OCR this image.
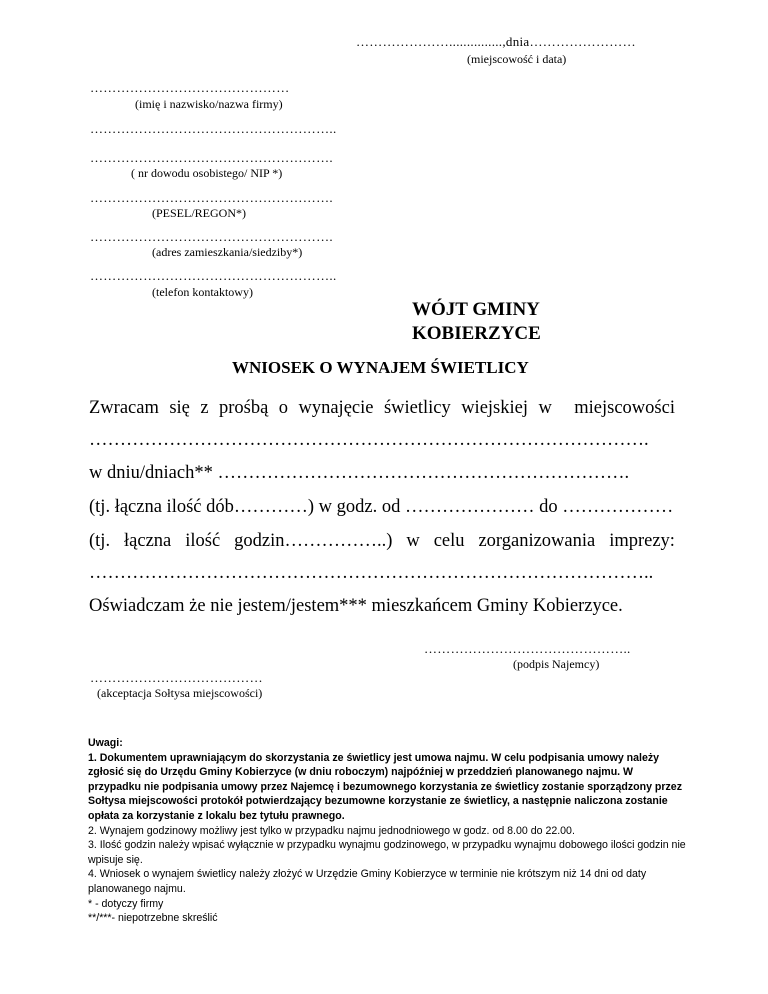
…………………...............,dnia……………………
(miejscowość i data)
………………………………………
(imię i nazwisko/nazwa firmy)
………………………………………………..
……………………………………………….
( nr dowodu osobistego/ NIP *)
……………………………………………….
(PESEL/REGON*)
……………………………………………….
(adres zamieszkania/siedziby*)
………………………………………………..
(telefon kontaktowy)
WÓJT GMINY
KOBIERZYCE
WNIOSEK O WYNAJEM ŚWIETLICY
Zwracam się z prośbą o wynajęcie świetlicy wiejskiej w miejscowości
……………………………………………………………………………….
w dniu/dniach** ………………………………………………………….
(tj. łączna ilość dób…………) w godz. od ………………… do ………………
(tj. łączna ilość godzin……………..) w celu zorganizowania imprezy:
………………………………………………………………………………..
Oświadczam że nie jestem/jestem*** mieszkańcem Gminy Kobierzyce.
………………………………………..
(podpis Najemcy)
…………………………………
(akceptacja Sołtysa miejscowości)
Uwagi:
1. Dokumentem uprawniającym do skorzystania ze świetlicy jest umowa najmu. W celu podpisania umowy należy zgłosić się do Urzędu Gminy Kobierzyce (w dniu roboczym) najpóźniej w przeddzień planowanego najmu. W przypadku nie podpisania umowy przez Najemcę i bezumownego korzystania ze świetlicy zostanie sporządzony przez Sołtysa miejscowości protokół potwierdzający bezumowne korzystanie ze świetlicy, a następnie naliczona zostanie opłata za korzystanie z lokalu bez tytułu prawnego.
2. Wynajem godzinowy możliwy jest tylko w przypadku najmu jednodniowego w godz. od 8.00 do 22.00.
3. Ilość godzin należy wpisać wyłącznie w przypadku wynajmu godzinowego, w przypadku wynajmu dobowego ilości godzin nie wpisuje się.
4. Wniosek o wynajem świetlicy należy złożyć w Urzędzie Gminy Kobierzyce w terminie nie krótszym niż 14 dni od daty planowanego najmu.
* - dotyczy firmy
**/***- niepotrzebne skreślić
